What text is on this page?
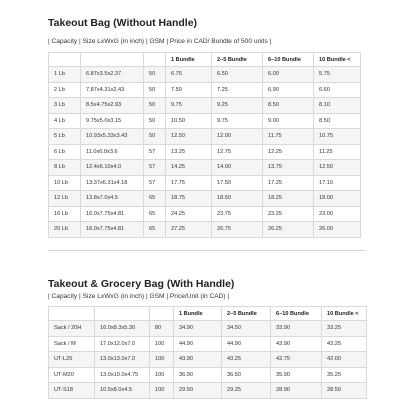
Takeout Bag (Without Handle)
| Capacity | Size LxWxG (in inch) | GSM | Price in CAD/ Bundle of 500 units |
			1 Bundle	2–5 Bundle	6–10 Bundle	10 Bundle <
1 Lb	6.87x3.5x2.37	50	6.75	6.50	6.00	5.75
2 Lb	7.87x4.31x2.43	50	7.50	7.25	6.90	6.60
3 Lb	8.5x4.75x2.93	50	9.75	9.25	8.50	8.10
4 Lb	9.75x5.0x3.15	50	10.50	9.75	9.00	8.50
5 Lb	10.93x5.33x3.43	50	12.50	12.00	11.75	10.75
6 Lb	11.0x6.0x3.6	57	13.25	12.75	12.25	11.25
8 Lb	12.4x6.10x4.0	57	14.25	14.00	13.75	12.50
10 Lb	13.37x6.31x4.18	57	17.75	17.50	17.25	17.10
12 Lb	13.8x7.0x4.5	65	18.75	18.50	18.25	18.00
16 Lb	16.0x7.75x4.81	65	24.25	23.75	23.25	23.00
20 Lb	16.0x7.75x4.81	65	27.25	26.75	26.25	26.00
Takeout & Grocery Bag (With Handle)
| Capacity | Size LxWxG (in inch) | GSM | Price/Unit (in CAD) |
			1 Bundle	2–5 Bundle	6–10 Bundle	10 Bundle <
Sack / 20H	16.0x8.3x5.30	80	34.90	34.50	33.90	33.25
Sack / M	17.0x12.0x7.0	100	44.90	44.90	43.90	43.25
UT-L25	13.0x13.0x7.0	100	43.90	43.25	42.75	42.00
UT-M20	13.0x10.0x4.75	100	36.90	36.50	35.90	35.25
UT-S18	10.5x8.0x4.5	100	29.50	29.25	28.90	28.50
